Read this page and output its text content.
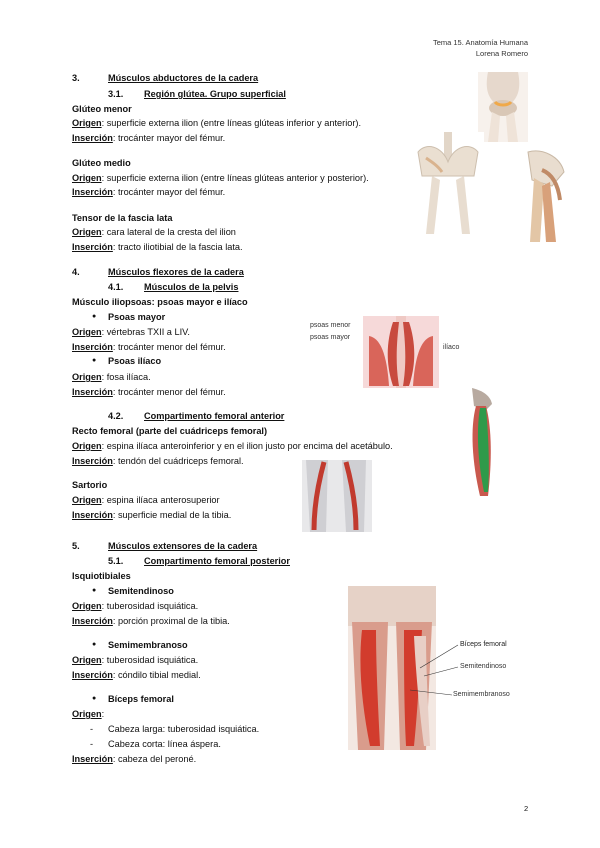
Tema 15. Anatomía Humana
Lorena Romero
3.	Músculos abductores de la cadera
3.1. Región glútea. Grupo superficial
Glúteo menor
Origen: superficie externa ilion (entre líneas glúteas inferior y anterior).
Inserción: trocánter mayor del fémur.
Glúteo medio
Origen: superficie externa ilion (entre líneas glúteas anterior y posterior).
Inserción: trocánter mayor del fémur.
Tensor de la fascia lata
Origen: cara lateral de la cresta del ilion
Inserción: tracto iliotibial de la fascia lata.
4.	Músculos flexores de la cadera
4.1. Músculos de la pelvis
Músculo iliopsoas: psoas mayor e ilíaco
● Psoas mayor
Origen: vértebras TXII a LIV.
Inserción: trocánter menor del fémur.
● Psoas ilíaco
Origen: fosa ilíaca.
Inserción: trocánter menor del fémur.
4.2. Compartimento femoral anterior
Recto femoral (parte del cuádriceps femoral)
Origen: espina ilíaca anteroinferior y en el ilion justo por encima del acetábulo.
Inserción: tendón del cuádriceps femoral.
Sartorio
Origen: espina ilíaca anterosuperior
Inserción: superficie medial de la tibia.
5.	Músculos extensores de la cadera
5.1. Compartimento femoral posterior
Isquiotibiales
● Semitendinoso
Origen: tuberosidad isquiática.
Inserción: porción proximal de la tibia.
● Semimembranoso
Origen: tuberosidad isquiática.
Inserción: cóndilo tibial medial.
● Bíceps femoral
Origen:
- Cabeza larga: tuberosidad isquiática.
- Cabeza corta: línea áspera.
Inserción: cabeza del peroné.
psoas menor
psoas mayor
ilíaco
Bíceps femoral
Semitendinoso
Semimembranoso
2
